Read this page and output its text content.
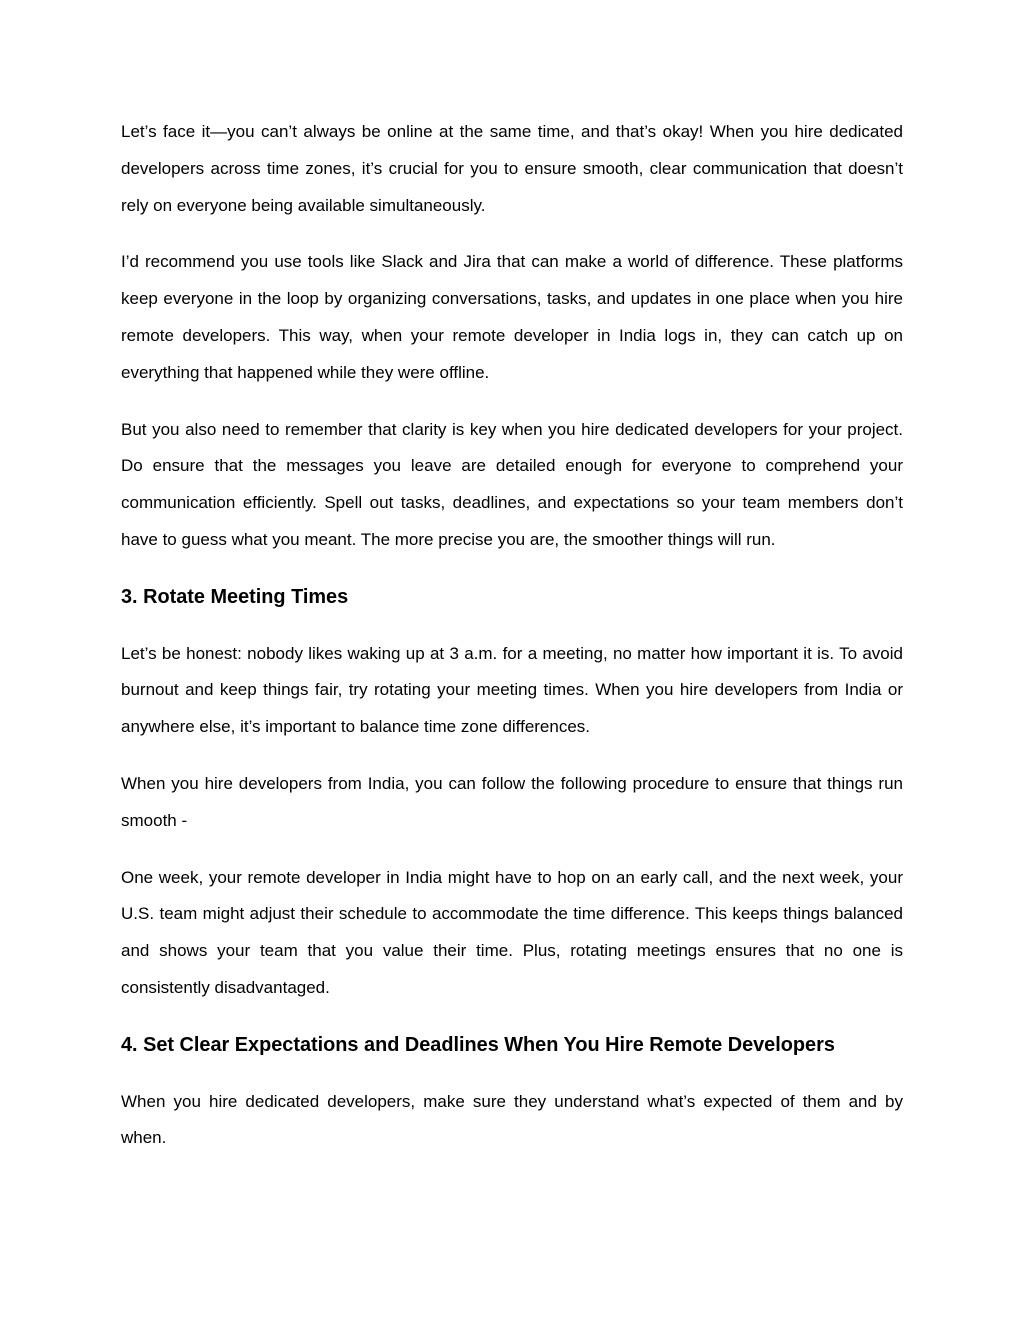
Let’s face it—you can’t always be online at the same time, and that’s okay! When you hire dedicated developers across time zones, it’s crucial for you to ensure smooth, clear communication that doesn’t rely on everyone being available simultaneously.

I’d recommend you use tools like Slack and Jira that can make a world of difference. These platforms keep everyone in the loop by organizing conversations, tasks, and updates in one place when you hire remote developers. This way, when your remote developer in India logs in, they can catch up on everything that happened while they were offline.

But you also need to remember that clarity is key when you hire dedicated developers for your project. Do ensure that the messages you leave are detailed enough for everyone to comprehend your communication efficiently. Spell out tasks, deadlines, and expectations so your team members don’t have to guess what you meant. The more precise you are, the smoother things will run.

3. Rotate Meeting Times

Let’s be honest: nobody likes waking up at 3 a.m. for a meeting, no matter how important it is. To avoid burnout and keep things fair, try rotating your meeting times. When you hire developers from India or anywhere else, it’s important to balance time zone differences.

When you hire developers from India, you can follow the following procedure to ensure that things run smooth -

One week, your remote developer in India might have to hop on an early call, and the next week, your U.S. team might adjust their schedule to accommodate the time difference. This keeps things balanced and shows your team that you value their time. Plus, rotating meetings ensures that no one is consistently disadvantaged.

4. Set Clear Expectations and Deadlines When You Hire Remote Developers

When you hire dedicated developers, make sure they understand what’s expected of them and by when.
